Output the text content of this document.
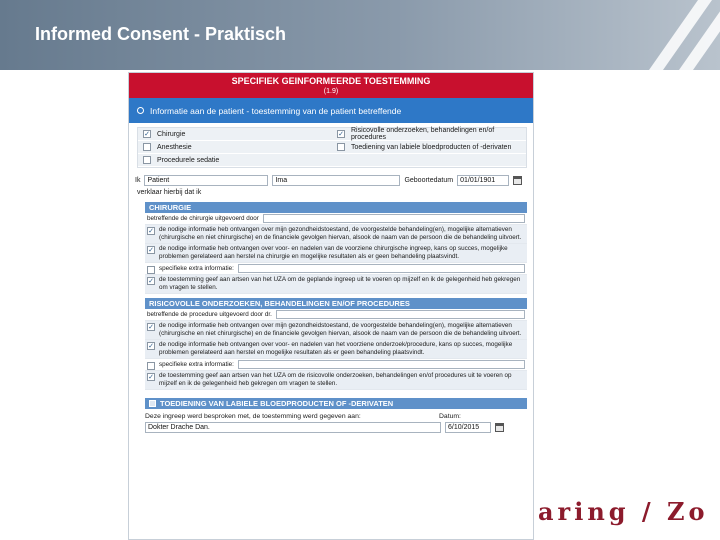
Informed Consent - Praktisch
aring / Zo
SPECIFIEK GEINFORMEERDE TOESTEMMING
(1.9)
Informatie aan de patient - toestemming van de patient betreffende
✓ Chirurgie	✓ Risicovolle onderzoeken, behandelingen en/of procedures
Anesthesie	Toediening van labiele bloedproducten of -derivaten
Procedurele sedatie
Ik	Patient	Ima	Geboortedatum	01/01/1901
verklaar hierbij dat ik
CHIRURGIE
betreffende de chirurgie uitgevoerd door
✓ de nodige informatie heb ontvangen over mijn gezondheidstoestand, de voorgestelde behandeling(en), mogelijke alternatieven (chirurgische en niet chirurgische) en de financiele gevolgen hiervan, alsook de naam van de persoon die de behandeling uitvoert.
✓ de nodige informatie heb ontvangen over voor- en nadelen van de voorziene chirurgische ingreep, kans op succes, mogelijke problemen gerelateerd aan herstel na chirurgie en mogelijke resultaten als er geen behandeling plaatsvindt.
specifieke extra informatie:
✓ de toestemming geef aan artsen van het UZA om de geplande ingreep uit te voeren op mijzelf en ik de gelegenheid heb gekregen om vragen te stellen.
RISICOVOLLE ONDERZOEKEN, BEHANDELINGEN EN/OF PROCEDURES
betreffende de procedure uitgevoerd door dr.
✓ de nodige informatie heb ontvangen over mijn gezondheidstoestand, de voorgestelde behandeling(en), mogelijke alternatieven (chirurgische en niet chirurgische) en de financiele gevolgen hiervan, alsook de naam van de persoon die de behandeling uitvoert.
✓ de nodige informatie heb ontvangen over voor- en nadelen van het voorziene onderzoek/procedure, kans op succes, mogelijke problemen gerelateerd aan herstel en mogelijke resultaten als er geen behandeling plaatsvindt.
specifieke extra informatie:
✓ de toestemming geef aan artsen van het UZA om de risicovolle onderzoeken, behandelingen en/of procedures uit te voeren op mijzelf en ik de gelegenheid heb gekregen om vragen te stellen.
TOEDIENING VAN LABIELE BLOEDPRODUCTEN OF -DERIVATEN
Deze ingreep werd besproken met, de toestemming werd gegeven aan:	Datum:
Dokter Drache Dan.	6/10/2015
